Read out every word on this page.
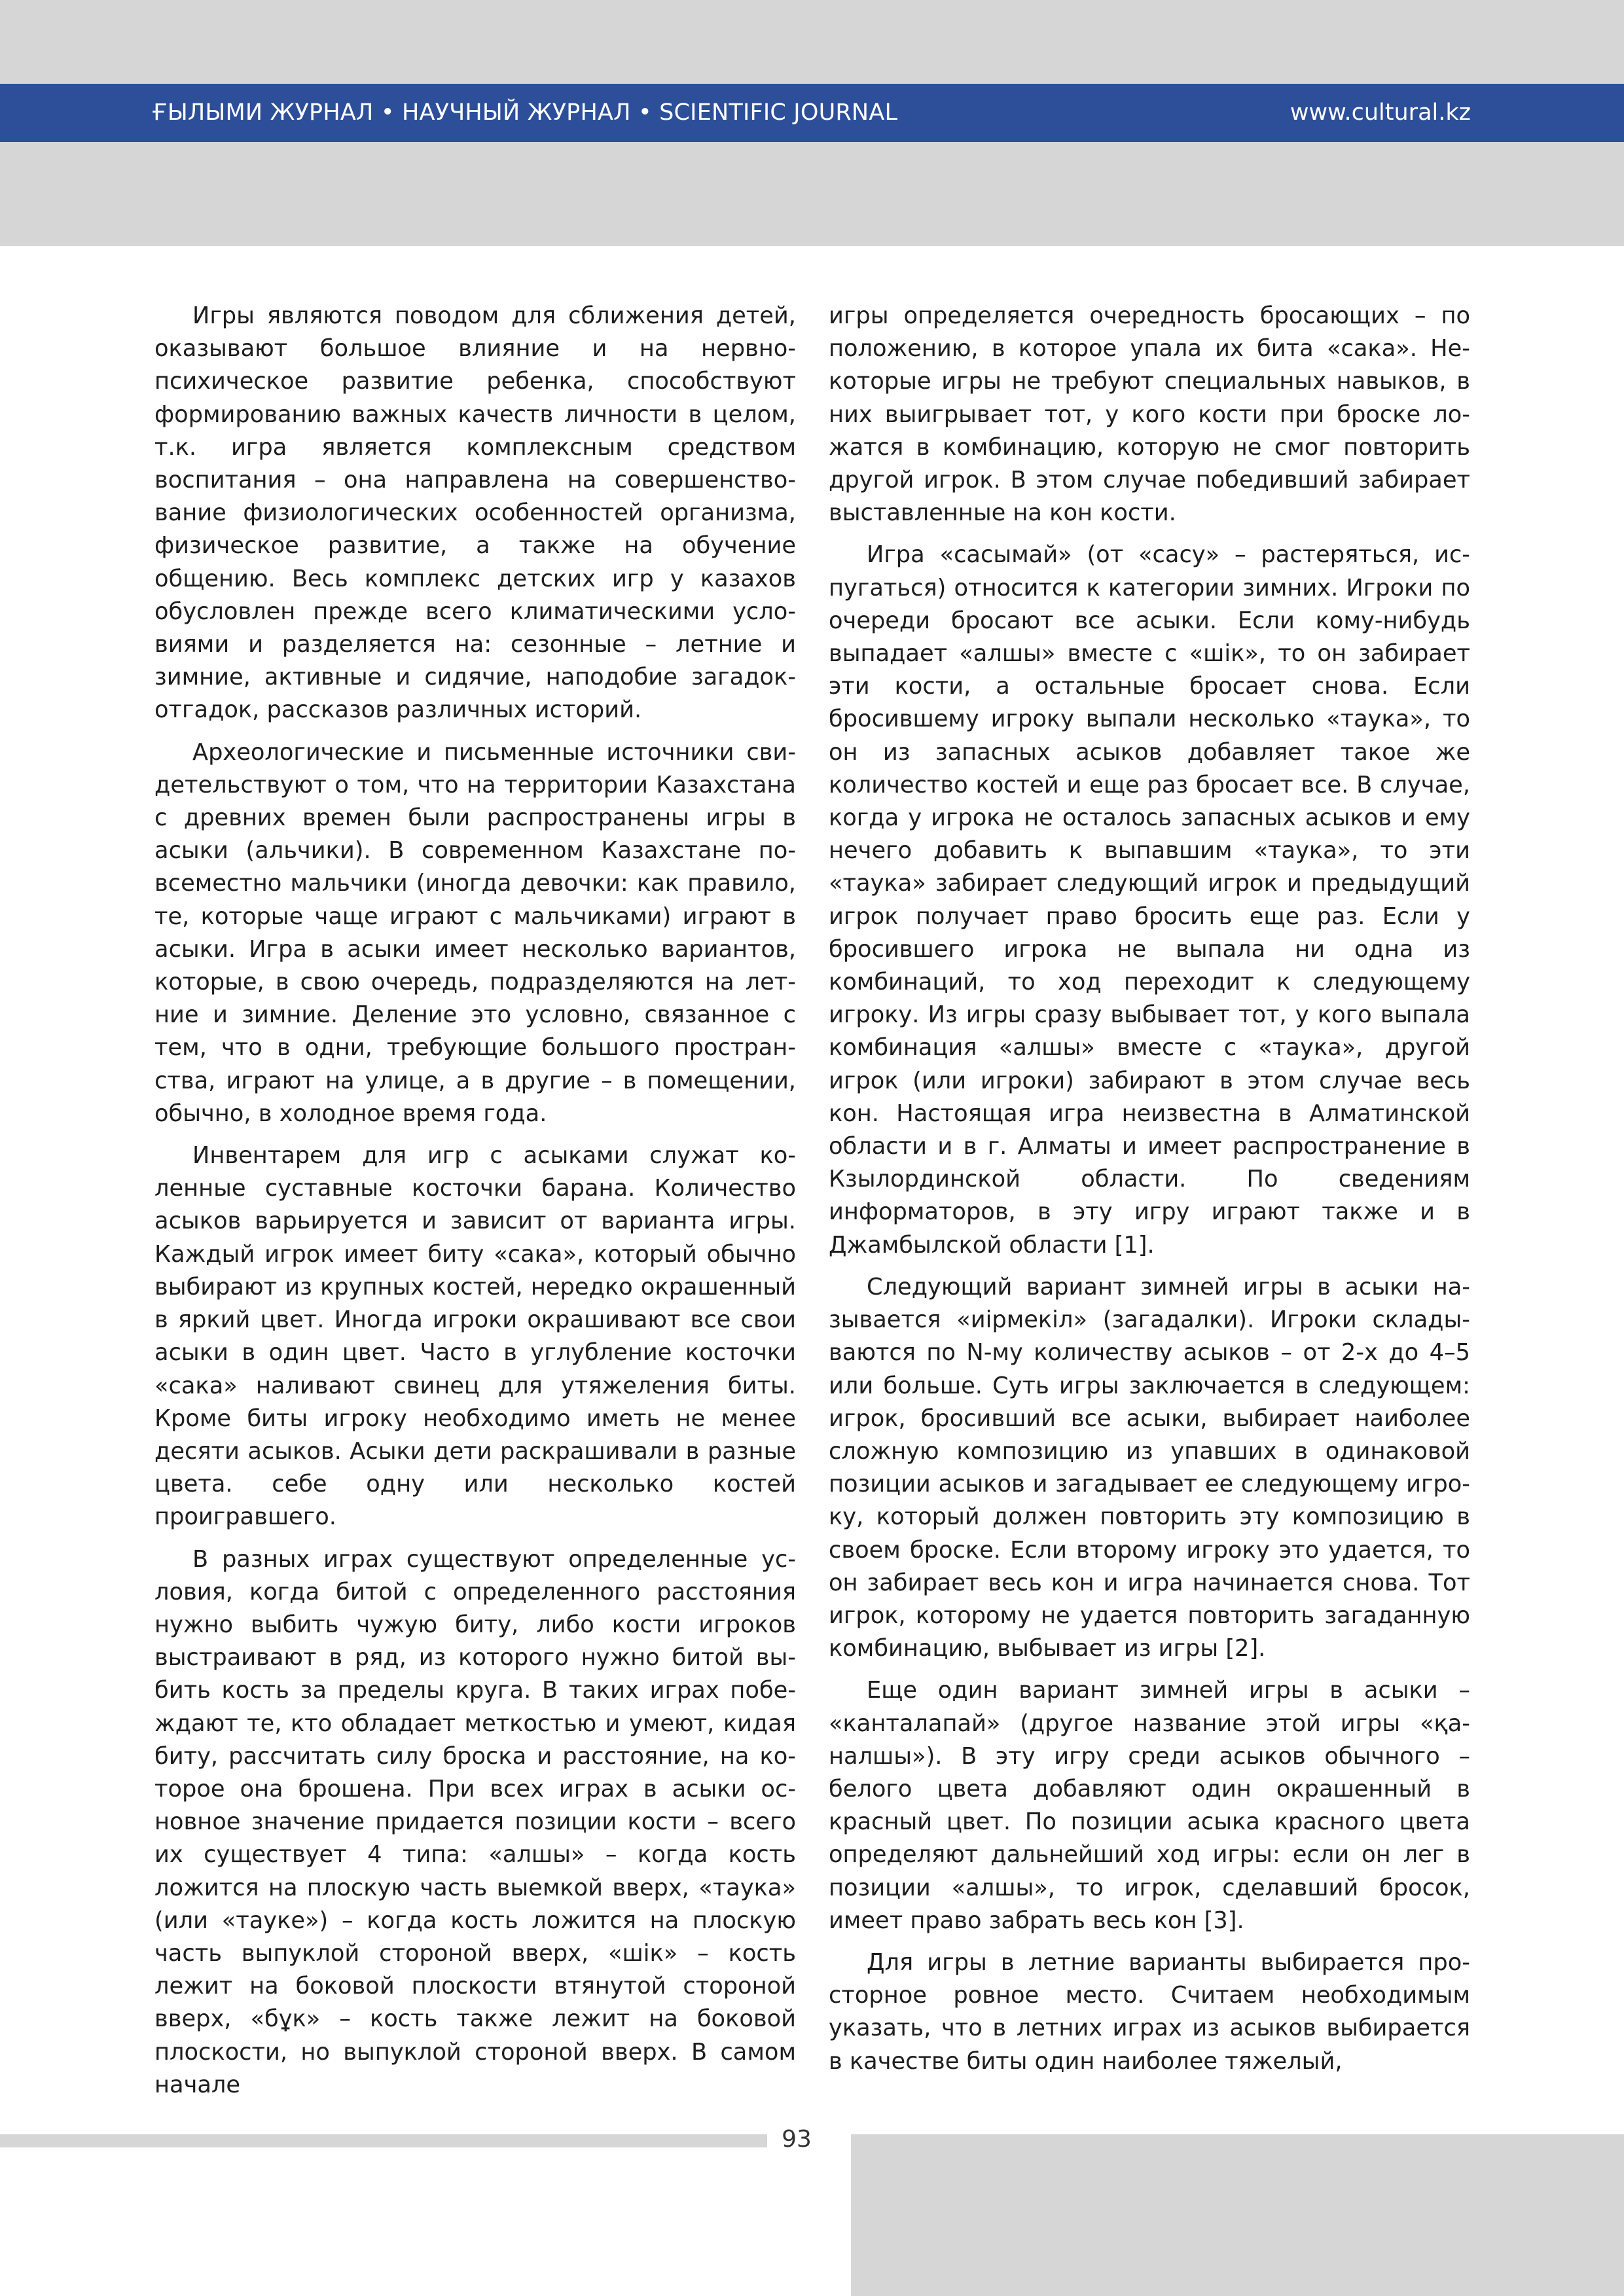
ҒЫЛЫМИ ЖУРНАЛ • НАУЧНЫЙ ЖУРНАЛ • SCIENTIFIC JOURNAL	www.cultural.kz

Игры являются поводом для сближения детей, оказывают большое влияние и на нервно-психическое развитие ребенка, способствуют формированию важных качеств личности в целом, т.к. игра является комплексным средством воспитания – она направлена на совершенствование физиологических особенностей организма, физическое развитие, а также на обучение общению. Весь комплекс детских игр у казахов обусловлен прежде всего климатическими условиями и разделяется на: сезонные – летние и зимние, активные и сидячие, наподобие загадок-отгадок, рассказов различных историй.

Археологические и письменные источники свидетельствуют о том, что на территории Казахстана с древних времен были распространены игры в асыки (альчики). В современном Казахстане повсеместно мальчики (иногда девочки: как правило, те, которые чаще играют с мальчиками) играют в асыки. Игра в асыки имеет несколько вариантов, которые, в свою очередь, подразделяются на летние и зимние. Деление это условно, связанное с тем, что в одни, требующие большого пространства, играют на улице, а в другие – в помещении, обычно, в холодное время года.

Инвентарем для игр с асыками служат коленные суставные косточки барана. Количество асыков варьируется и зависит от варианта игры. Каждый игрок имеет биту «сака», который обычно выбирают из крупных костей, нередко окрашенный в яркий цвет. Иногда игроки окрашивают все свои асыки в один цвет. Часто в углубление косточки «сака» наливают свинец для утяжеления биты. Кроме биты игроку необходимо иметь не менее десяти асыков. Асыки дети раскрашивали в разные цвета. себе одну или несколько костей проигравшего.

В разных играх существуют определенные условия, когда битой с определенного расстояния нужно выбить чужую биту, либо кости игроков выстраивают в ряд, из которого нужно битой выбить кость за пределы круга. В таких играх побеждают те, кто обладает меткостью и умеют, кидая биту, рассчитать силу броска и расстояние, на которое она брошена. При всех играх в асыки основное значение придается позиции кости – всего их существует 4 типа: «алшы» – когда кость ложится на плоскую часть выемкой вверх, «таука» (или «тауке») – когда кость ложится на плоскую часть выпуклой стороной вверх, «шік» – кость лежит на боковой плоскости втянутой стороной вверх, «бұк» – кость также лежит на боковой плоскости, но выпуклой стороной вверх. В самом начале

игры определяется очередность бросающих – по положению, в которое упала их бита «сака». Некоторые игры не требуют специальных навыков, в них выигрывает тот, у кого кости при броске ложатся в комбинацию, которую не смог повторить другой игрок. В этом случае победивший забирает выставленные на кон кости.

Игра «сасымай» (от «сасу» – растеряться, испугаться) относится к категории зимних. Игроки по очереди бросают все асыки. Если кому-нибудь выпадает «алшы» вместе с «шік», то он забирает эти кости, а остальные бросает снова. Если бросившему игроку выпали несколько «таука», то он из запасных асыков добавляет такое же количество костей и еще раз бросает все. В случае, когда у игрока не осталось запасных асыков и ему нечего добавить к выпавшим «таука», то эти «таука» забирает следующий игрок и предыдущий игрок получает право бросить еще раз. Если у бросившего игрока не выпала ни одна из комбинаций, то ход переходит к следующему игроку. Из игры сразу выбывает тот, у кого выпала комбинация «алшы» вместе с «таука», другой игрок (или игроки) забирают в этом случае весь кон. Настоящая игра неизвестна в Алматинской области и в г. Алматы и имеет распространение в Кзылординской области. По сведениям информаторов, в эту игру играют также и в Джамбылской области [1].

Следующий вариант зимней игры в асыки называется «иірмекіл» (загадалки). Игроки складываются по N-му количеству асыков – от 2-х до 4–5 или больше. Суть игры заключается в следующем: игрок, бросивший все асыки, выбирает наиболее сложную композицию из упавших в одинаковой позиции асыков и загадывает ее следующему игроку, который должен повторить эту композицию в своем броске. Если второму игроку это удается, то он забирает весь кон и игра начинается снова. Тот игрок, которому не удается повторить загаданную комбинацию, выбывает из игры [2].

Еще один вариант зимней игры в асыки – «канталапай» (другое название этой игры «қаналшы»). В эту игру среди асыков обычного – белого цвета добавляют один окрашенный в красный цвет. По позиции асыка красного цвета определяют дальнейший ход игры: если он лег в позиции «алшы», то игрок, сделавший бросок, имеет право забрать весь кон [3].

Для игры в летние варианты выбирается просторное ровное место. Считаем необходимым указать, что в летних играх из асыков выбирается в качестве биты один наиболее тяжелый,

93
